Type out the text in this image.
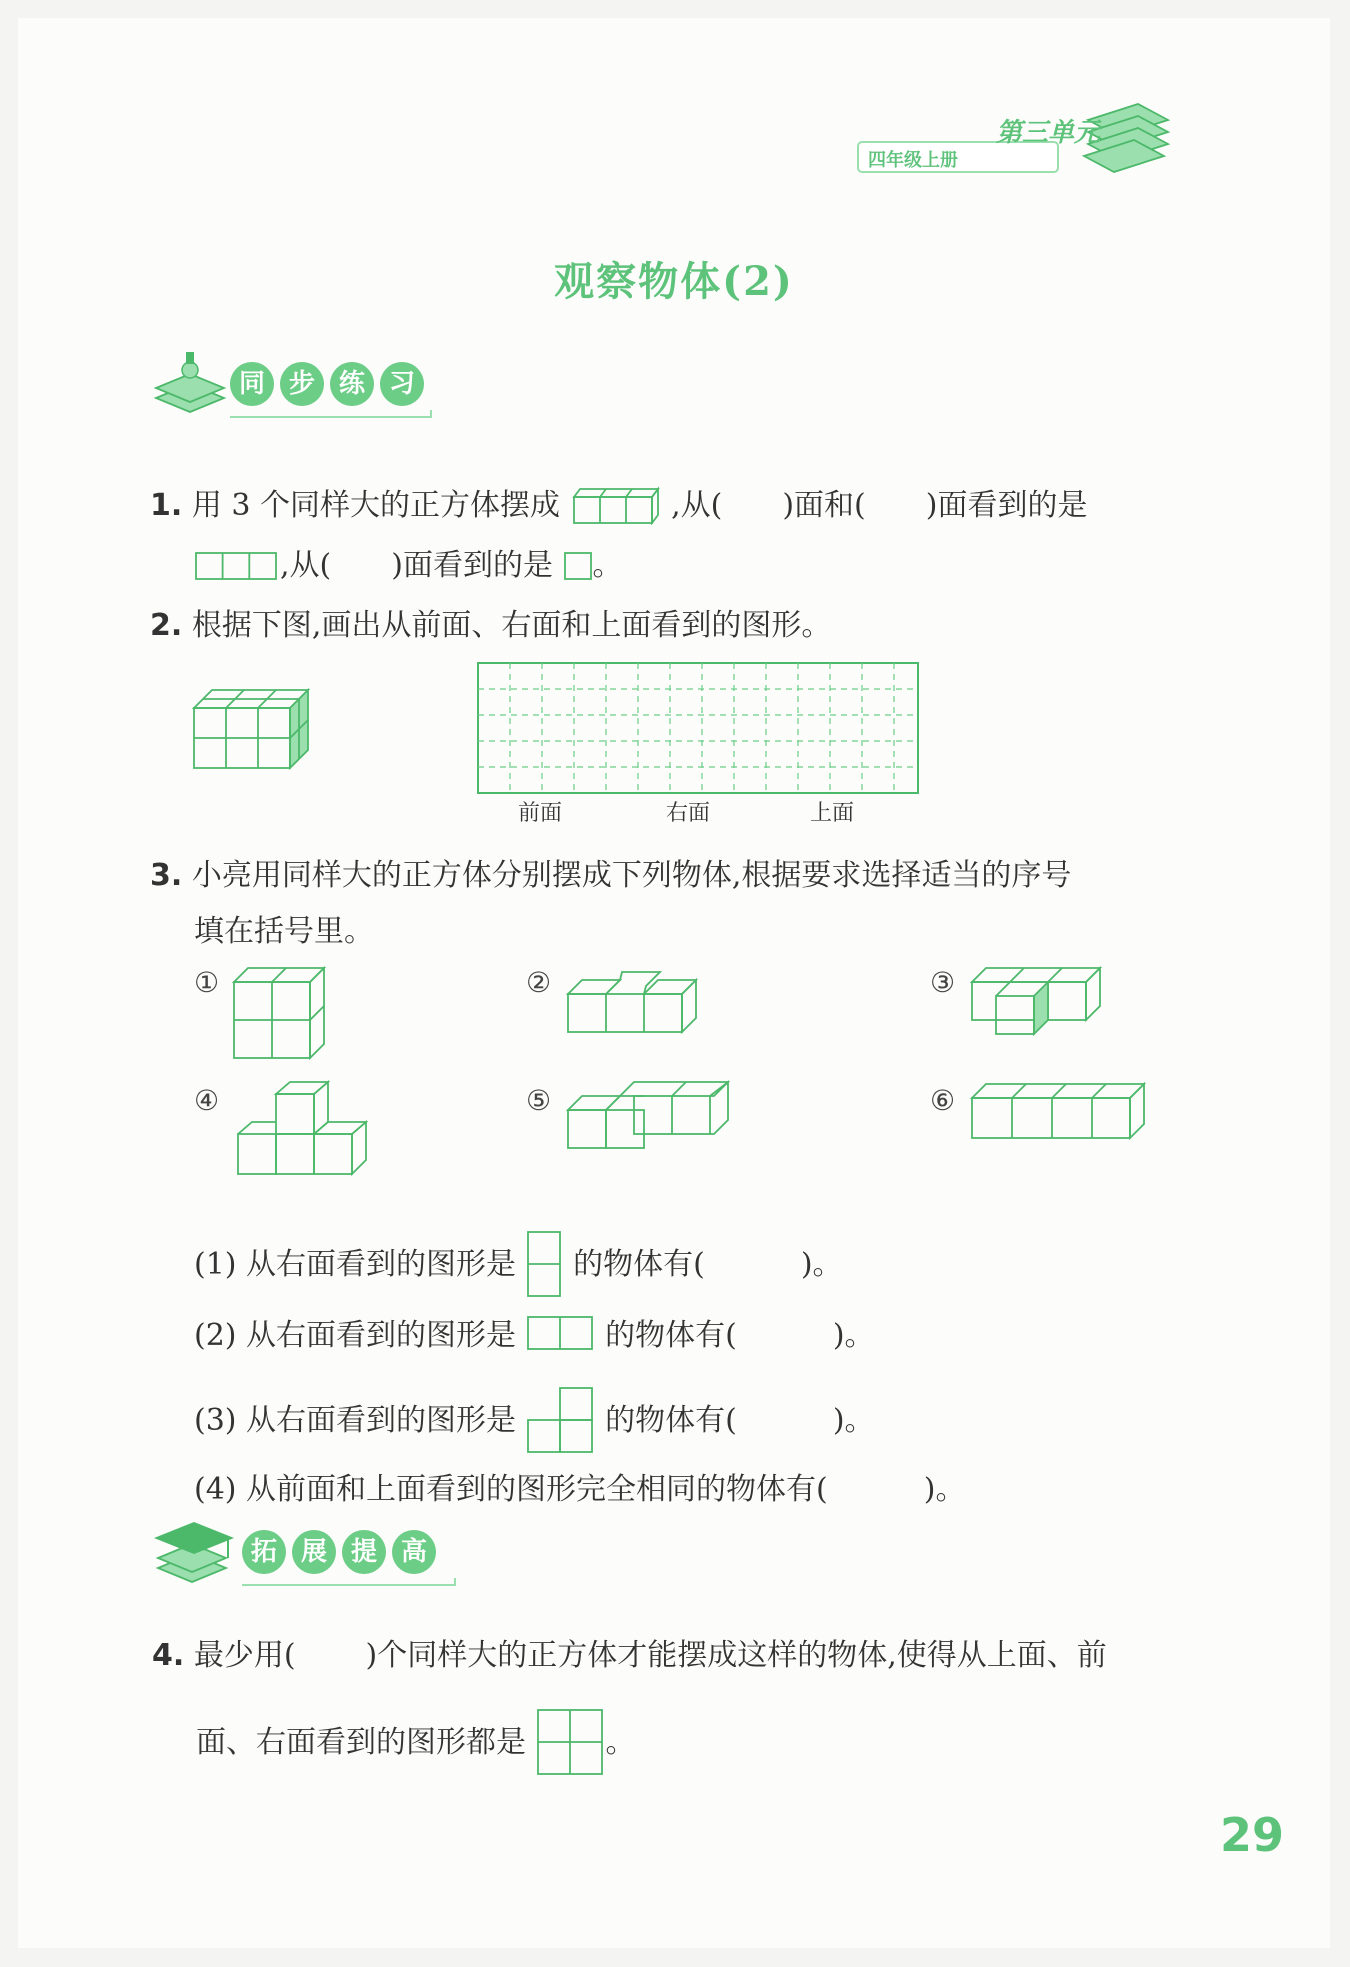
四年级上册
第三单元
观察物体(2)
同 步 练 习
1. 用 3 个同样大的正方体摆成	,从( )面和( )面看到的是
,从( )面看到的是 。
2. 根据下图,画出从前面、右面和上面看到的图形。
前面	右面	上面
3. 小亮用同样大的正方体分别摆成下列物体,根据要求选择适当的序号
填在括号里。
①	②	③
④	⑤	⑥
(1) 从右面看到的图形是 的物体有(	)。
(2) 从右面看到的图形是	的物体有(	)。
(3) 从右面看到的图形是	的物体有(	)。
(4) 从前面和上面看到的图形完全相同的物体有(	)。
拓 展 提 高
4. 最少用( )个同样大的正方体才能摆成这样的物体,使得从上面、前
面、右面看到的图形都是	。
29
